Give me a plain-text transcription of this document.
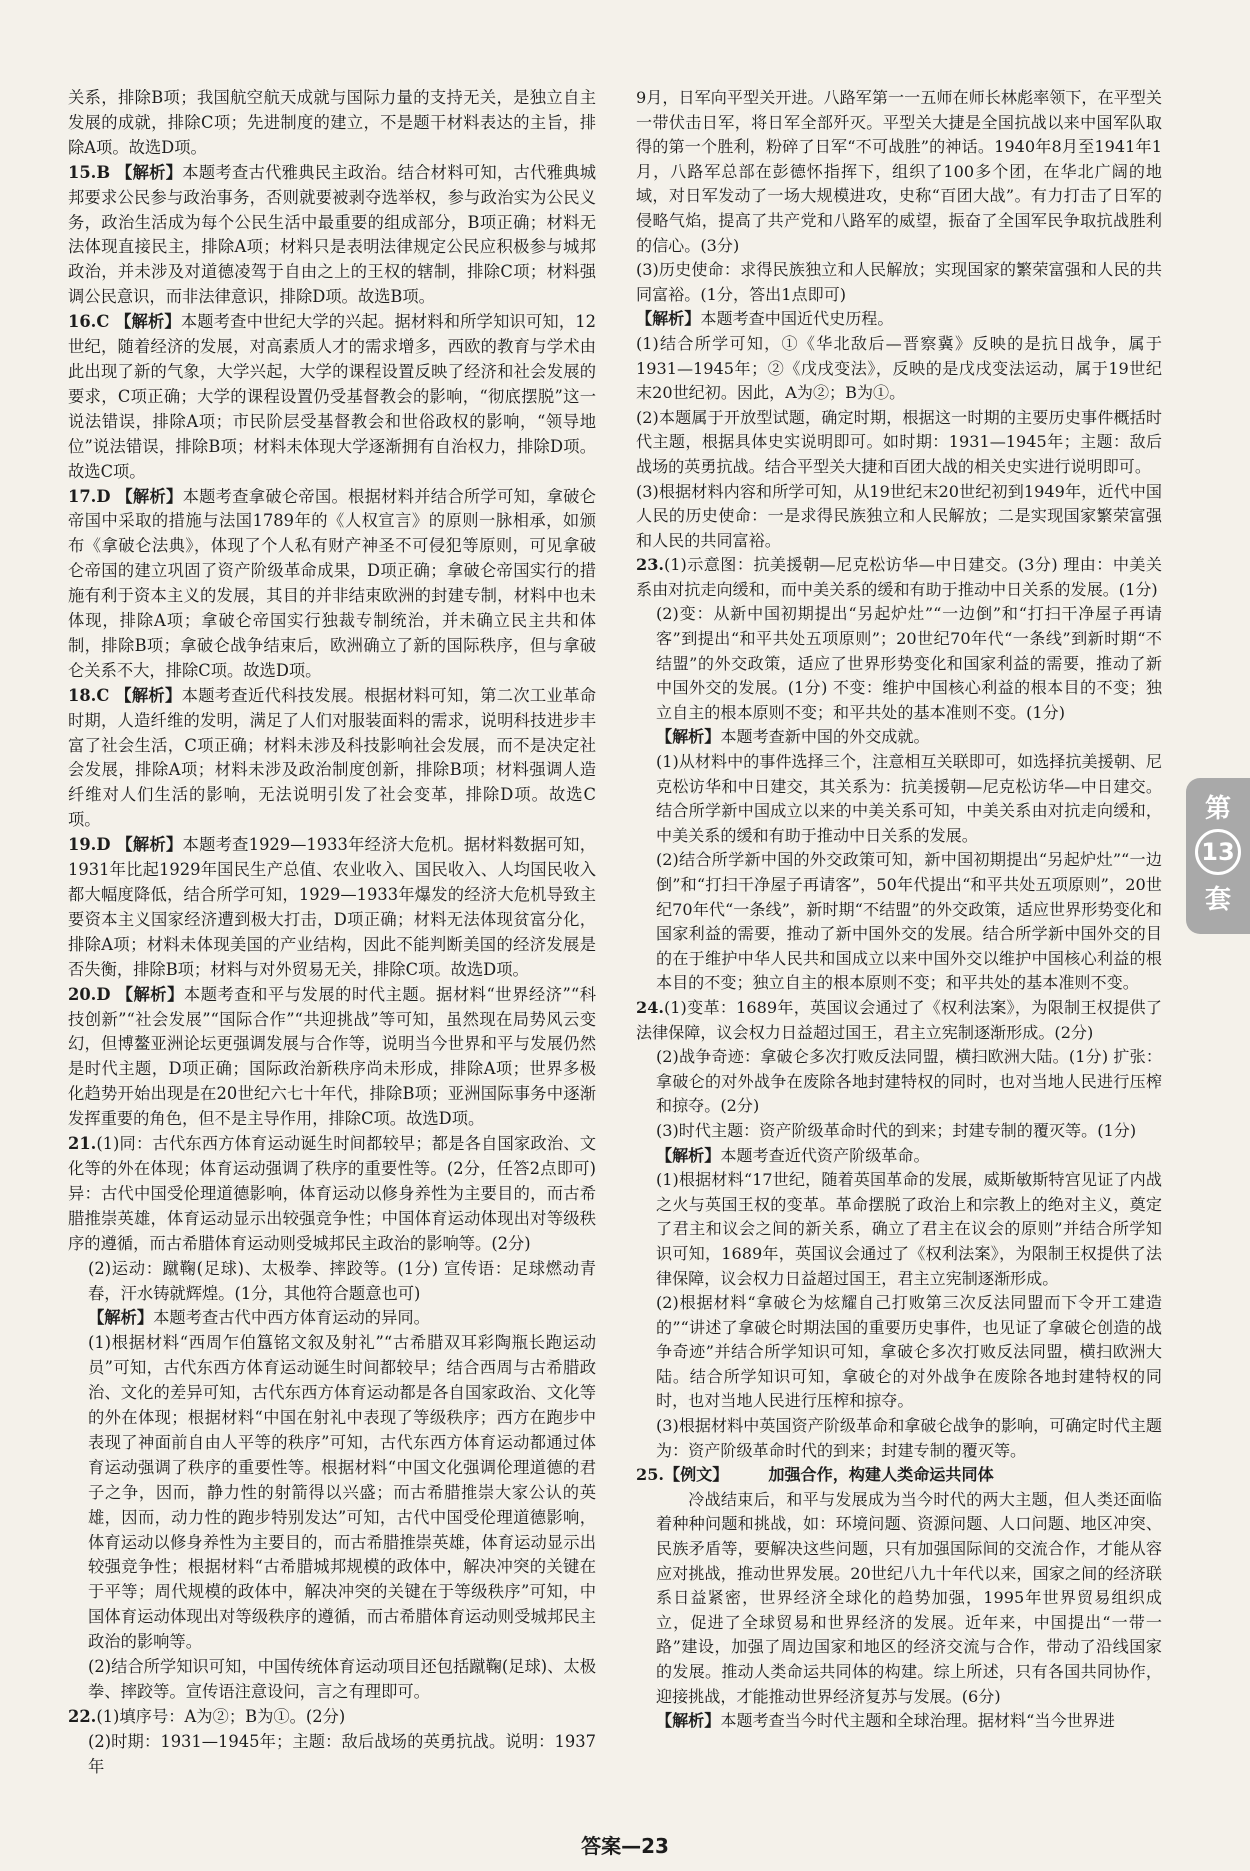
关系，排除B项；我国航空航天成就与国际力量的支持无关，是独立自主发展的成就，排除C项；先进制度的建立，不是题干材料表达的主旨，排除A项。故选D项。

15.B 【解析】本题考查古代雅典民主政治。结合材料可知，古代雅典城邦要求公民参与政治事务，否则就要被剥夺选举权，参与政治实为公民义务，政治生活成为每个公民生活中最重要的组成部分，B项正确；材料无法体现直接民主，排除A项；材料只是表明法律规定公民应积极参与城邦政治，并未涉及对道德凌驾于自由之上的王权的辖制，排除C项；材料强调公民意识，而非法律意识，排除D项。故选B项。

16.C 【解析】本题考查中世纪大学的兴起。据材料和所学知识可知，12世纪，随着经济的发展，对高素质人才的需求增多，西欧的教育与学术由此出现了新的气象，大学兴起，大学的课程设置反映了经济和社会发展的要求，C项正确；大学的课程设置仍受基督教会的影响，“彻底摆脱”这一说法错误，排除A项；市民阶层受基督教会和世俗政权的影响，“领导地位”说法错误，排除B项；材料未体现大学逐渐拥有自治权力，排除D项。故选C项。

17.D 【解析】本题考查拿破仑帝国。根据材料并结合所学可知，拿破仑帝国中采取的措施与法国1789年的《人权宣言》的原则一脉相承，如颁布《拿破仑法典》，体现了个人私有财产神圣不可侵犯等原则，可见拿破仑帝国的建立巩固了资产阶级革命成果，D项正确；拿破仑帝国实行的措施有利于资本主义的发展，其目的并非结束欧洲的封建专制，材料中也未体现，排除A项；拿破仑帝国实行独裁专制统治，并未确立民主共和体制，排除B项；拿破仑战争结束后，欧洲确立了新的国际秩序，但与拿破仑关系不大，排除C项。故选D项。

18.C 【解析】本题考查近代科技发展。根据材料可知，第二次工业革命时期，人造纤维的发明，满足了人们对服装面料的需求，说明科技进步丰富了社会生活，C项正确；材料未涉及科技影响社会发展，而不是决定社会发展，排除A项；材料未涉及政治制度创新，排除B项；材料强调人造纤维对人们生活的影响，无法说明引发了社会变革，排除D项。故选C项。

19.D 【解析】本题考查1929—1933年经济大危机。据材料数据可知，1931年比起1929年国民生产总值、农业收入、国民收入、人均国民收入都大幅度降低，结合所学可知，1929—1933年爆发的经济大危机导致主要资本主义国家经济遭到极大打击，D项正确；材料无法体现贫富分化，排除A项；材料未体现美国的产业结构，因此不能判断美国的经济发展是否失衡，排除B项；材料与对外贸易无关，排除C项。故选D项。

20.D 【解析】本题考查和平与发展的时代主题。据材料“世界经济”“科技创新”“社会发展”“国际合作”“共迎挑战”等可知，虽然现在局势风云变幻，但博鳌亚洲论坛更强调发展与合作等，说明当今世界和平与发展仍然是时代主题，D项正确；国际政治新秩序尚未形成，排除A项；世界多极化趋势开始出现是在20世纪六七十年代，排除B项；亚洲国际事务中逐渐发挥重要的角色，但不是主导作用，排除C项。故选D项。

21.(1)同：古代东西方体育运动诞生时间都较早；都是各自国家政治、文化等的外在体现；体育运动强调了秩序的重要性等。(2分，任答2点即可)异：古代中国受伦理道德影响，体育运动以修身养性为主要目的，而古希腊推崇英雄，体育运动显示出较强竞争性；中国体育运动体现出对等级秩序的遵循，而古希腊体育运动则受城邦民主政治的影响等。(2分)

(2)运动：蹴鞠(足球)、太极拳、摔跤等。(1分) 宣传语：足球燃动青春，汗水铸就辉煌。(1分，其他符合题意也可)

【解析】本题考查古代中西方体育运动的异同。

(1)根据材料“西周乍伯簋铭文叙及射礼”“古希腊双耳彩陶瓶长跑运动员”可知，古代东西方体育运动诞生时间都较早；结合西周与古希腊政治、文化的差异可知，古代东西方体育运动都是各自国家政治、文化等的外在体现；根据材料“中国在射礼中表现了等级秩序；西方在跑步中表现了神面前自由人平等的秩序”可知，古代东西方体育运动都通过体育运动强调了秩序的重要性等。根据材料“中国文化强调伦理道德的君子之争，因而，静力性的射箭得以兴盛；而古希腊推崇大家公认的英雄，因而，动力性的跑步特别发达”可知，古代中国受伦理道德影响，体育运动以修身养性为主要目的，而古希腊推崇英雄，体育运动显示出较强竞争性；根据材料“古希腊城邦规模的政体中，解决冲突的关键在于平等；周代规模的政体中，解决冲突的关键在于等级秩序”可知，中国体育运动体现出对等级秩序的遵循，而古希腊体育运动则受城邦民主政治的影响等。

(2)结合所学知识可知，中国传统体育运动项目还包括蹴鞠(足球)、太极拳、摔跤等。宣传语注意设问，言之有理即可。

22.(1)填序号：A为②；B为①。(2分)

(2)时期：1931—1945年；主题：敌后战场的英勇抗战。说明：1937年

9月，日军向平型关开进。八路军第一一五师在师长林彪率领下，在平型关一带伏击日军，将日军全部歼灭。平型关大捷是全国抗战以来中国军队取得的第一个胜利，粉碎了日军“不可战胜”的神话。1940年8月至1941年1月，八路军总部在彭德怀指挥下，组织了100多个团，在华北广阔的地域，对日军发动了一场大规模进攻，史称“百团大战”。有力打击了日军的侵略气焰，提高了共产党和八路军的威望，振奋了全国军民争取抗战胜利的信心。(3分)

(3)历史使命：求得民族独立和人民解放；实现国家的繁荣富强和人民的共同富裕。(1分，答出1点即可)

【解析】本题考查中国近代史历程。

(1)结合所学可知，①《华北敌后—晋察冀》反映的是抗日战争，属于1931—1945年；②《戊戌变法》，反映的是戊戌变法运动，属于19世纪末20世纪初。因此，A为②；B为①。

(2)本题属于开放型试题，确定时期，根据这一时期的主要历史事件概括时代主题，根据具体史实说明即可。如时期：1931—1945年；主题：敌后战场的英勇抗战。结合平型关大捷和百团大战的相关史实进行说明即可。

(3)根据材料内容和所学可知，从19世纪末20世纪初到1949年，近代中国人民的历史使命：一是求得民族独立和人民解放；二是实现国家繁荣富强和人民的共同富裕。

23.(1)示意图：抗美援朝—尼克松访华—中日建交。(3分) 理由：中美关系由对抗走向缓和，而中美关系的缓和有助于推动中日关系的发展。(1分)

(2)变：从新中国初期提出“另起炉灶”“一边倒”和“打扫干净屋子再请客”到提出“和平共处五项原则”；20世纪70年代“一条线”到新时期“不结盟”的外交政策，适应了世界形势变化和国家利益的需要，推动了新中国外交的发展。(1分) 不变：维护中国核心利益的根本目的不变；独立自主的根本原则不变；和平共处的基本准则不变。(1分)

【解析】本题考查新中国的外交成就。

(1)从材料中的事件选择三个，注意相互关联即可，如选择抗美援朝、尼克松访华和中日建交，其关系为：抗美援朝—尼克松访华—中日建交。结合所学新中国成立以来的中美关系可知，中美关系由对抗走向缓和，中美关系的缓和有助于推动中日关系的发展。

(2)结合所学新中国的外交政策可知，新中国初期提出“另起炉灶”“一边倒”和“打扫干净屋子再请客”，50年代提出“和平共处五项原则”，20世纪70年代“一条线”，新时期“不结盟”的外交政策，适应世界形势变化和国家利益的需要，推动了新中国外交的发展。结合所学新中国外交的目的在于维护中华人民共和国成立以来中国外交以维护中国核心利益的根本目的不变；独立自主的根本原则不变；和平共处的基本准则不变。

24.(1)变革：1689年，英国议会通过了《权利法案》，为限制王权提供了法律保障，议会权力日益超过国王，君主立宪制逐渐形成。(2分)

(2)战争奇迹：拿破仑多次打败反法同盟，横扫欧洲大陆。(1分) 扩张：拿破仑的对外战争在废除各地封建特权的同时，也对当地人民进行压榨和掠夺。(2分)

(3)时代主题：资产阶级革命时代的到来；封建专制的覆灭等。(1分)

【解析】本题考查近代资产阶级革命。

(1)根据材料“17世纪，随着英国革命的发展，威斯敏斯特宫见证了内战之火与英国王权的变革。革命摆脱了政治上和宗教上的绝对主义，奠定了君主和议会之间的新关系，确立了君主在议会的原则”并结合所学知识可知，1689年，英国议会通过了《权利法案》，为限制王权提供了法律保障，议会权力日益超过国王，君主立宪制逐渐形成。

(2)根据材料“拿破仑为炫耀自己打败第三次反法同盟而下令开工建造的”“讲述了拿破仑时期法国的重要历史事件，也见证了拿破仑创造的战争奇迹”并结合所学知识可知，拿破仑多次打败反法同盟，横扫欧洲大陆。结合所学知识可知，拿破仑的对外战争在废除各地封建特权的同时，也对当地人民进行压榨和掠夺。

(3)根据材料中英国资产阶级革命和拿破仑战争的影响，可确定时代主题为：资产阶级革命时代的到来；封建专制的覆灭等。

25.【例文】 加强合作，构建人类命运共同体

冷战结束后，和平与发展成为当今时代的两大主题，但人类还面临着种种问题和挑战，如：环境问题、资源问题、人口问题、地区冲突、民族矛盾等，要解决这些问题，只有加强国际间的交流合作，才能从容应对挑战，推动世界发展。20世纪八九十年代以来，国家之间的经济联系日益紧密，世界经济全球化的趋势加强，1995年世界贸易组织成立，促进了全球贸易和世界经济的发展。近年来，中国提出“一带一路”建设，加强了周边国家和地区的经济交流与合作，带动了沿线国家的发展。推动人类命运共同体的构建。综上所述，只有各国共同协作，迎接挑战，才能推动世界经济复苏与发展。(6分)

【解析】本题考查当今时代主题和全球治理。据材料“当今世界进

第
13
套
答案—23
